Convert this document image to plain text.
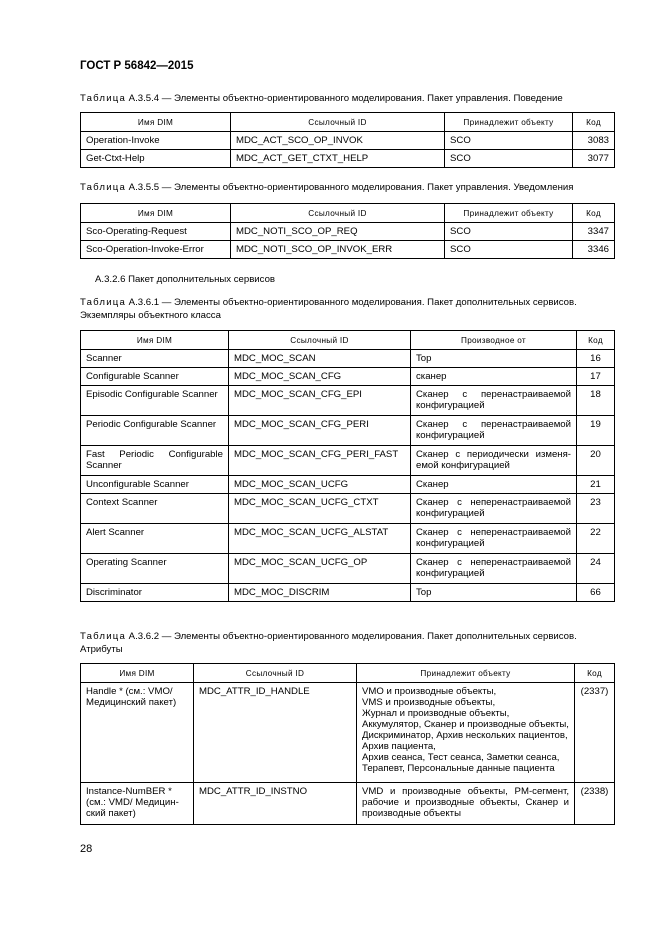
ГОСТ Р 56842—2015
Таблица А.3.5.4 — Элементы объектно-ориентированного моделирования. Пакет управления. Поведение
Имя DIM	Ссылочный ID	Принадлежит объекту	Код
Operation-Invoke	MDC_ACT_SCO_OP_INVOK	SCO	3083
Get-Ctxt-Help	MDC_ACT_GET_CTXT_HELP	SCO	3077
Таблица А.3.5.5 — Элементы объектно-ориентированного моделирования. Пакет управления. Уведомления
Имя DIM	Ссылочный ID	Принадлежит объекту	Код
Sco-Operating-Request	MDC_NOTI_SCO_OP_REQ	SCO	3347
Sco-Operation-Invoke-Error	MDC_NOTI_SCO_OP_INVOK_ERR	SCO	3346
А.3.2.6 Пакет дополнительных сервисов
Таблица А.3.6.1 — Элементы объектно-ориентированного моделирования. Пакет дополнительных сервисов. Экземпляры объектного класса
Имя DIM	Ссылочный ID	Производное от	Код
Scanner	MDC_MOC_SCAN	Top	16
Configurable Scanner	MDC_MOC_SCAN_CFG	сканер	17
Episodic Configurable Scanner	MDC_MOC_SCAN_CFG_EPI	Сканер с перенастраиваемой конфигурацией	18
Periodic Configurable Scanner	MDC_MOC_SCAN_CFG_PERI	Сканер с перенастраиваемой конфигурацией	19
Fast Periodic Configurable Scanner	MDC_MOC_SCAN_CFG_PERI_FAST	Сканер с периодически изменя-емой конфигурацией	20
Unconfigurable Scanner	MDC_MOC_SCAN_UCFG	Сканер	21
Context Scanner	MDC_MOC_SCAN_UCFG_CTXT	Сканер с неперенастраиваемой конфигурацией	23
Alert Scanner	MDC_MOC_SCAN_UCFG_ALSTAT	Сканер с неперенастраиваемой конфигурацией	22
Operating Scanner	MDC_MOC_SCAN_UCFG_OP	Сканер с неперенастраиваемой конфигурацией	24
Discriminator	MDC_MOC_DISCRIM	Top	66
Таблица А.3.6.2 — Элементы объектно-ориентированного моделирования. Пакет дополнительных сервисов. Атрибуты
Имя DIM	Ссылочный ID	Принадлежит объекту	Код
Handle * (см.: VMO/ Медицинский пакет)	MDC_ATTR_ID_HANDLE	VMO и производные объекты,
VMS и производные объекты,
Журнал и производные объекты,
Аккумулятор, Сканер и производные объекты, Дискриминатор, Архив нескольких пациентов, Архив пациента,
Архив сеанса, Тест сеанса, Заметки сеанса, Терапевт, Персональные данные пациента	(2337)
Instance-NumBER * (см.: VMD/ Медицин-ский пакет)	MDC_ATTR_ID_INSTNO	VMD и производные объекты, PM-сегмент, рабочие и производные объекты, Сканер и производные объекты	(2338)
28
